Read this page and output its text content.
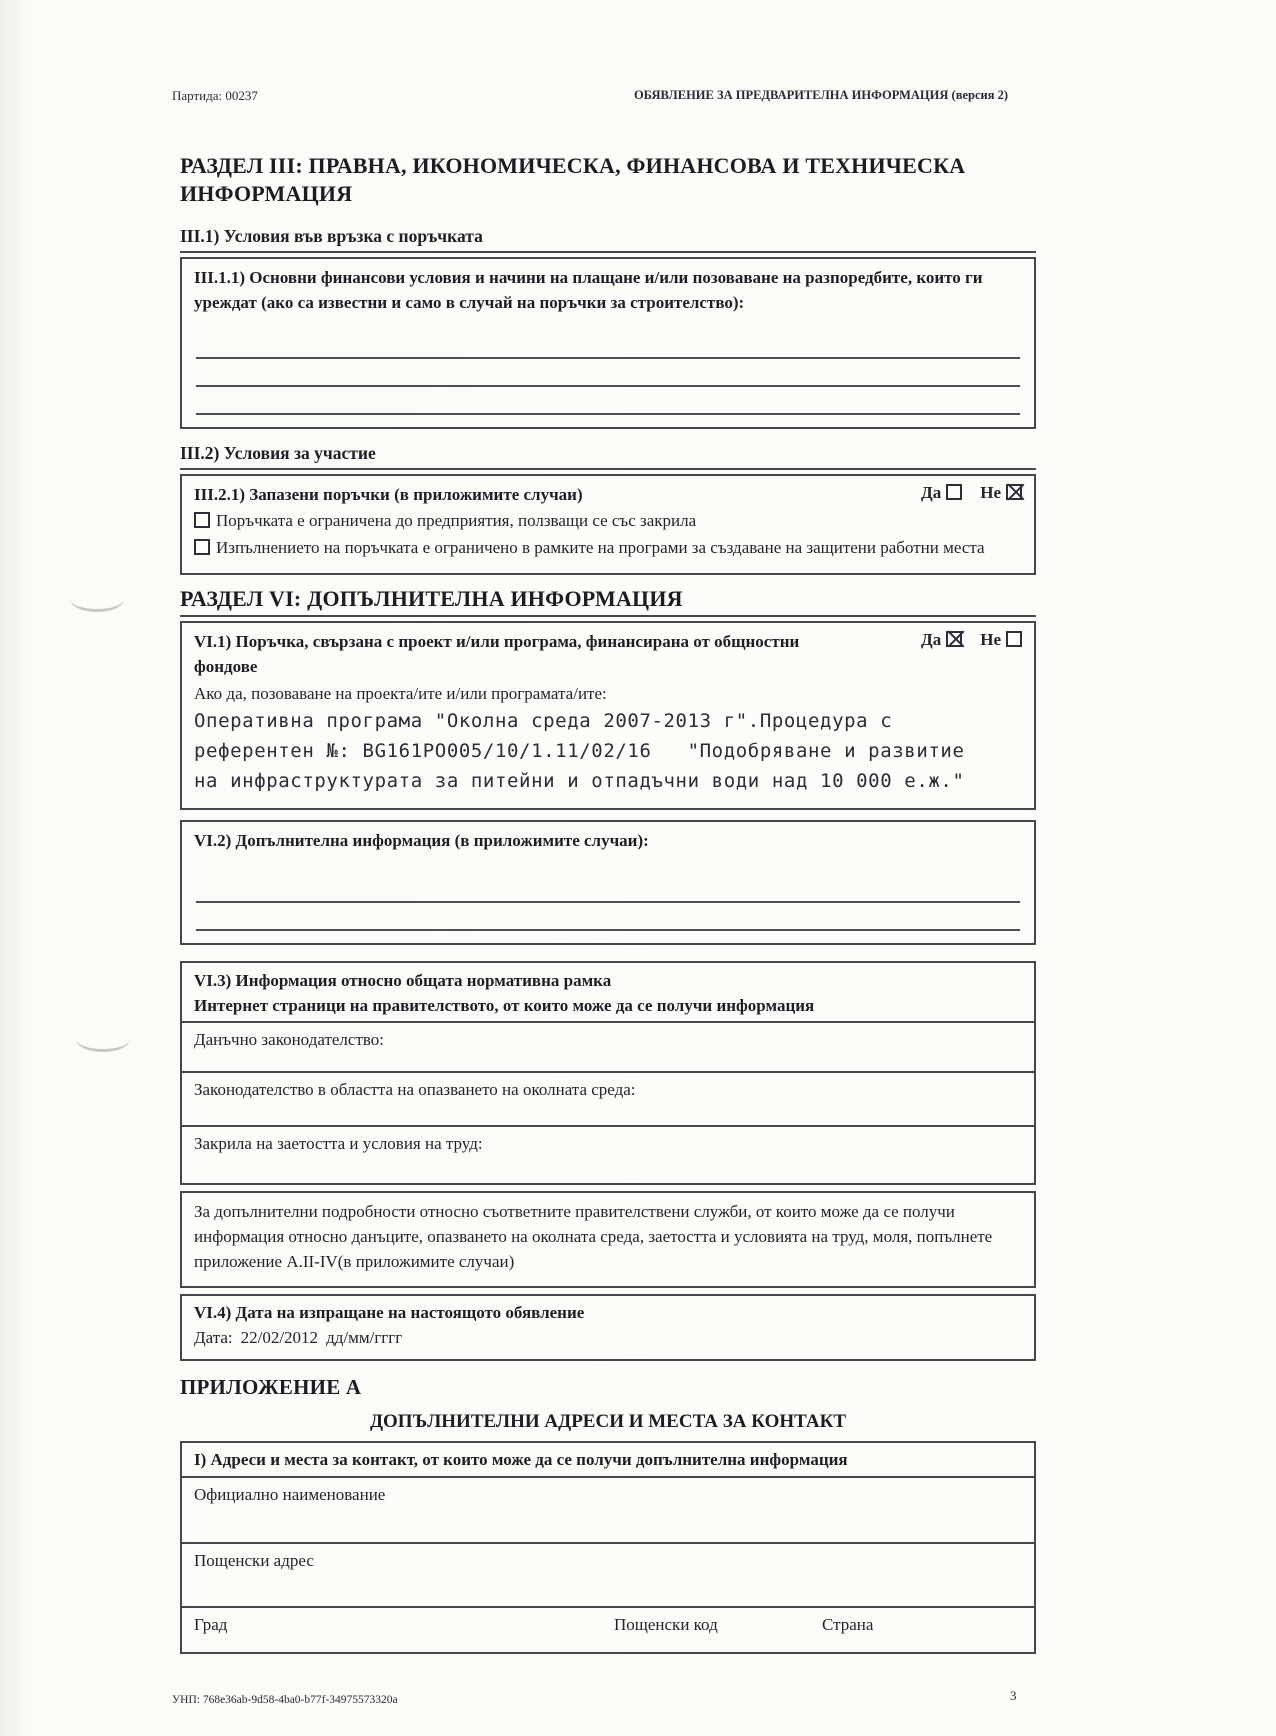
Партида: 00237	ОБЯВЛЕНИЕ ЗА ПРЕДВАРИТЕЛНА ИНФОРМАЦИЯ (версия 2)
РАЗДЕЛ III: ПРАВНА, ИКОНОМИЧЕСКА, ФИНАНСОВА И ТЕХНИЧЕСКА ИНФОРМАЦИЯ
III.1) Условия във връзка с поръчката
III.1.1) Основни финансови условия и начини на плащане и/или позоваване на разпоредбите, които ги уреждат (ако са известни и само в случай на поръчки за строителство):
III.2) Условия за участие
III.2.1) Запазени поръчки (в приложимите случаи)	Да Не
Поръчката е ограничена до предприятия, ползващи се със закрила
Изпълнението на поръчката е ограничено в рамките на програми за създаване на защитени работни места
РАЗДЕЛ VI: ДОПЪЛНИТЕЛНА ИНФОРМАЦИЯ
VI.1) Поръчка, свързана с проект и/или програма, финансирана от общностни фондове
Да Не
Ако да, позоваване на проекта/ите и/или програмата/ите:
Оперативна програма "Околна среда 2007-2013 г".Процедура с
референтен №: BG161PO005/10/1.11/02/16   "Подобряване и развитие
на инфраструктурата за питейни и отпадъчни води над 10 000 е.ж."
VI.2) Допълнителна информация (в приложимите случаи):
VI.3) Информация относно общата нормативна рамка
Интернет страници на правителството, от които може да се получи информация
Данъчно законодателство:
Законодателство в областта на опазването на околната среда:
Закрила на заетостта и условия на труд:
За допълнителни подробности относно съответните правителствени служби, от които може да се получи информация относно данъците, опазването на околната среда, заетостта и условията на труд, моля, попълнете приложение A.II-IV(в приложимите случаи)
VI.4) Дата на изпращане на настоящото обявление
Дата: 22/02/2012 дд/мм/гггг
ПРИЛОЖЕНИЕ А
ДОПЪЛНИТЕЛНИ АДРЕСИ И МЕСТА ЗА КОНТАКТ
I) Адреси и места за контакт, от които може да се получи допълнителна информация
Официално наименование
Пощенски адрес
Град	Пощенски код	Страна
УНП: 768e36ab-9d58-4ba0-b77f-34975573320a	3
